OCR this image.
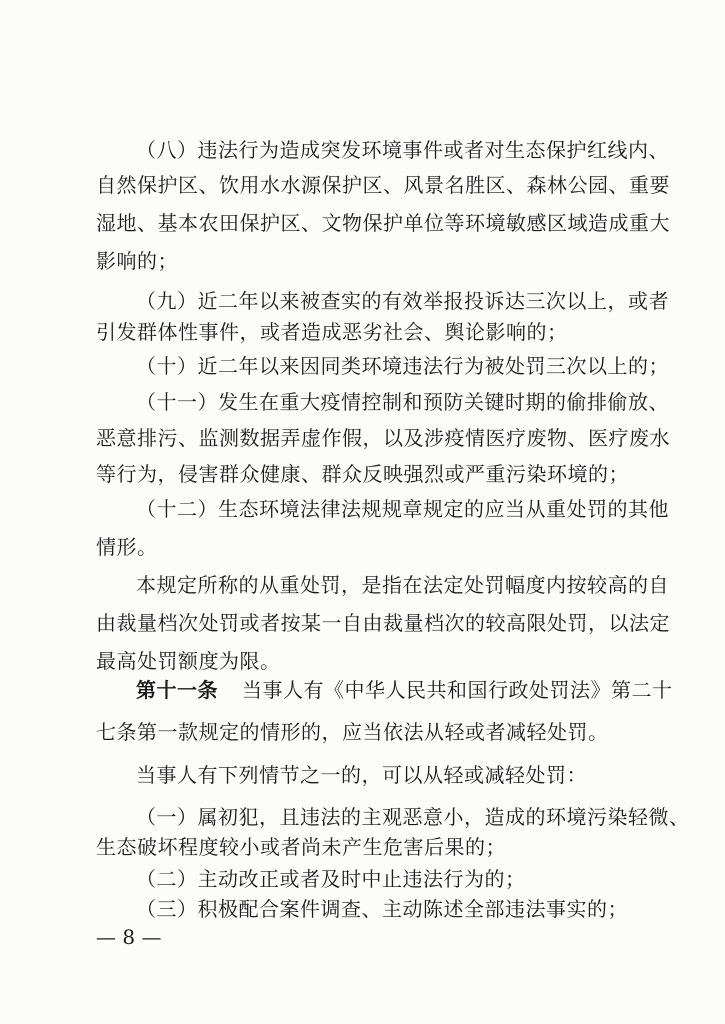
（八）违法行为造成突发环境事件或者对生态保护红线内、
自然保护区、饮用水水源保护区、风景名胜区、森林公园、重要
湿地、基本农田保护区、文物保护单位等环境敏感区域造成重大
影响的；
（九）近二年以来被查实的有效举报投诉达三次以上，或者
引发群体性事件，或者造成恶劣社会、舆论影响的；
（十）近二年以来因同类环境违法行为被处罚三次以上的；
（十一）发生在重大疫情控制和预防关键时期的偷排偷放、
恶意排污、监测数据弄虚作假，以及涉疫情医疗废物、医疗废水
等行为，侵害群众健康、群众反映强烈或严重污染环境的；
（十二）生态环境法律法规规章规定的应当从重处罚的其他
情形。
本规定所称的从重处罚，是指在法定处罚幅度内按较高的自
由裁量档次处罚或者按某一自由裁量档次的较高限处罚，以法定
最高处罚额度为限。
第十一条 当事人有《中华人民共和国行政处罚法》第二十
七条第一款规定的情形的，应当依法从轻或者减轻处罚。
当事人有下列情节之一的，可以从轻或减轻处罚：
（一）属初犯，且违法的主观恶意小，造成的环境污染轻微、
生态破坏程度较小或者尚未产生危害后果的；
（二）主动改正或者及时中止违法行为的；
（三）积极配合案件调查、主动陈述全部违法事实的；
— 8 —
